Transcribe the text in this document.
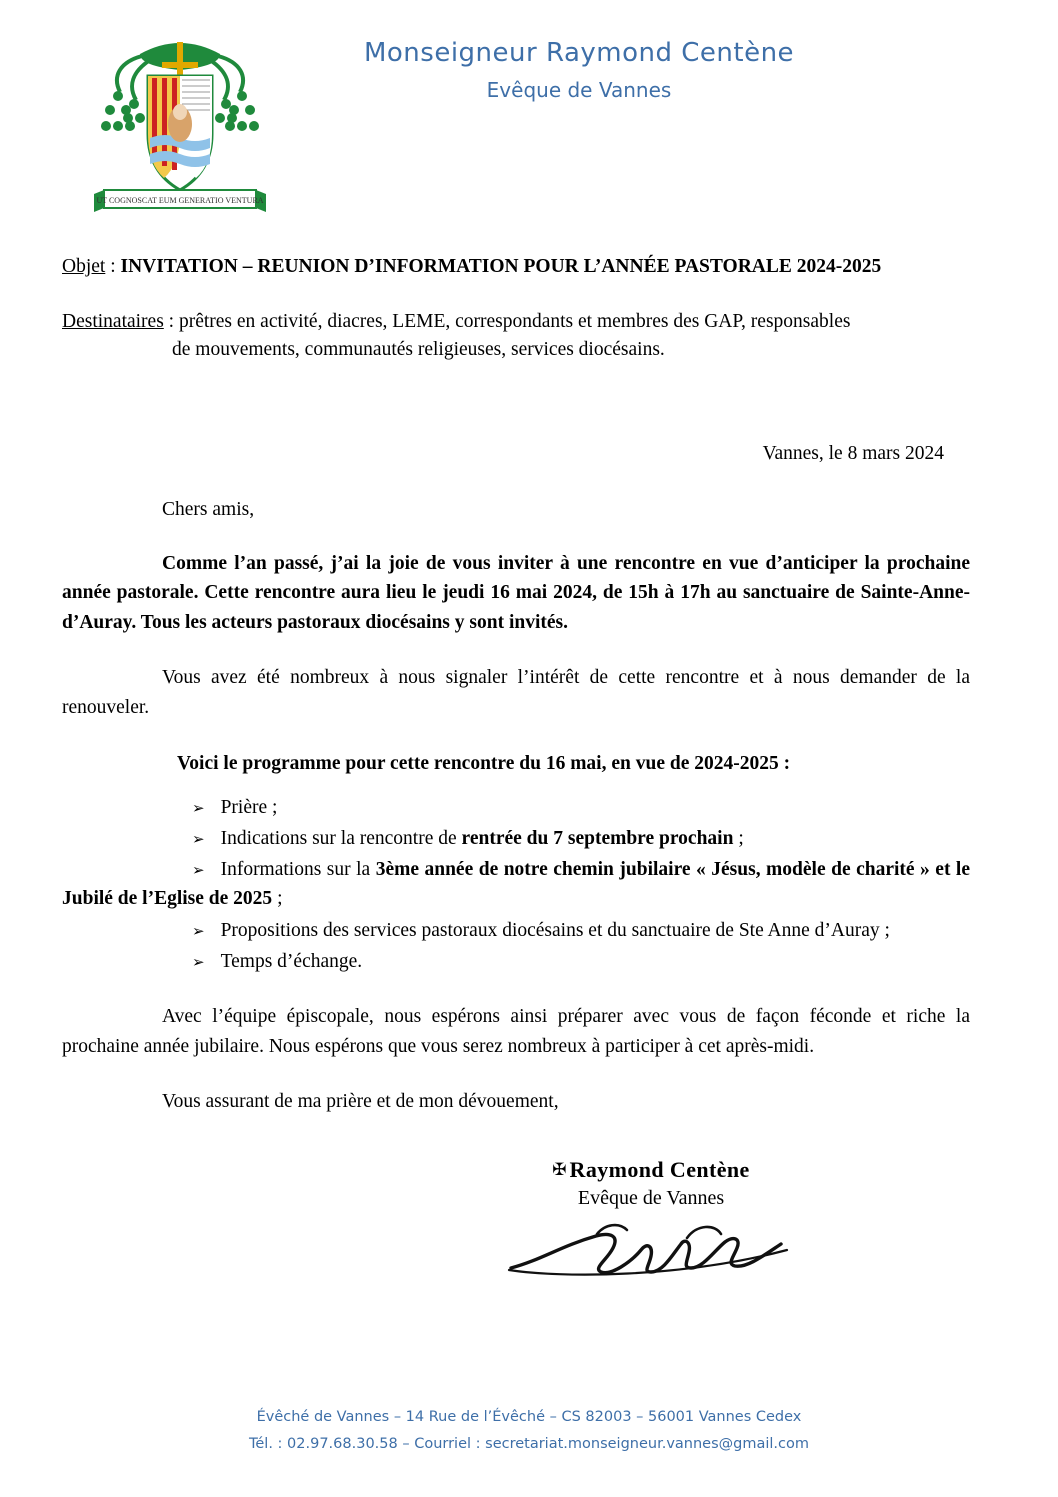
UT COGNOSCAT EUM GENERATIO VENTURA
Monseigneur Raymond Centène
Evêque de Vannes
Objet : INVITATION – REUNION D’INFORMATION POUR L’ANNÉE PASTORALE 2024-2025
Destinataires : prêtres en activité, diacres, LEME, correspondants et membres des GAP, responsables
de mouvements, communautés religieuses, services diocésains.
Vannes, le 8 mars 2024
Chers amis,

Comme l’an passé, j’ai la joie de vous inviter à une rencontre en vue d’anticiper la prochaine année pastorale. Cette rencontre aura lieu le jeudi 16 mai 2024, de 15h à 17h au sanctuaire de Sainte-Anne-d’Auray. Tous les acteurs pastoraux diocésains y sont invités.

Vous avez été nombreux à nous signaler l’intérêt de cette rencontre et à nous demander de la renouveler.

Voici le programme pour cette rencontre du 16 mai, en vue de 2024-2025 :
➢ Prière ;
➢ Indications sur la rencontre de rentrée du 7 septembre prochain ;
➢ Informations sur la 3ème année de notre chemin jubilaire « Jésus, modèle de charité » et le Jubilé de l’Eglise de 2025 ;
➢ Propositions des services pastoraux diocésains et du sanctuaire de Ste Anne d’Auray ;
➢ Temps d’échange.

Avec l’équipe épiscopale, nous espérons ainsi préparer avec vous de façon féconde et riche la prochaine année jubilaire. Nous espérons que vous serez nombreux à participer à cet après-midi.

Vous assurant de ma prière et de mon dévouement,
✠ Raymond Centène
Evêque de Vannes
Évêché de Vannes – 14 Rue de l’Évêché – CS 82003 – 56001 Vannes Cedex
Tél. : 02.97.68.30.58 – Courriel : secretariat.monseigneur.vannes@gmail.com
